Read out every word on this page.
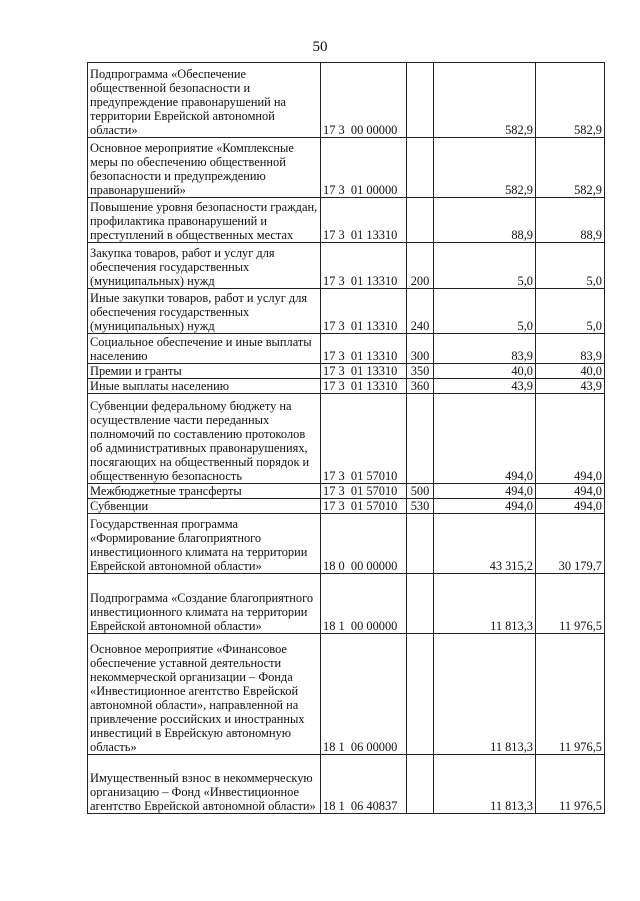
50
Подпрограмма «Обеспечение общественной безопасности и предупреждение правонарушений на территории Еврейской автономной области»	17 3  00 00000		582,9	582,9
Основное мероприятие «Комплексные меры по обеспечению общественной безопасности и предупреждению правонарушений»	17 3  01 00000		582,9	582,9
Повышение уровня безопасности граждан, профилактика правонарушений и преступлений в общественных местах	17 3  01 13310		88,9	88,9
Закупка товаров, работ и услуг для обеспечения государственных (муниципальных) нужд	17 3  01 13310	200	5,0	5,0
Иные закупки товаров, работ и услуг для обеспечения государственных (муниципальных) нужд	17 3  01 13310	240	5,0	5,0
Социальное обеспечение и иные выплаты населению	17 3  01 13310	300	83,9	83,9
Премии и гранты	17 3  01 13310	350	40,0	40,0
Иные выплаты населению	17 3  01 13310	360	43,9	43,9
Субвенции федеральному бюджету на осуществление части переданных полномочий по составлению протоколов об административных правонарушениях, посягающих на общественный порядок и общественную безопасность	17 3  01 57010		494,0	494,0
Межбюджетные трансферты	17 3  01 57010	500	494,0	494,0
Субвенции	17 3  01 57010	530	494,0	494,0
Государственная программа «Формирование благоприятного инвестиционного климата на территории Еврейской автономной области»	18 0  00 00000		43 315,2	30 179,7
Подпрограмма «Создание благоприятного инвестиционного климата на территории Еврейской автономной области»	18 1  00 00000		11 813,3	11 976,5
Основное мероприятие «Финансовое обеспечение уставной деятельности некоммерческой организации – Фонда «Инвестиционное агентство Еврейской автономной области», направленной на привлечение российских и иностранных инвестиций в Еврейскую автономную область»	18 1  06 00000		11 813,3	11 976,5
Имущественный взнос в некоммерческую организацию – Фонд «Инвестиционное агентство Еврейской автономной области»	18 1  06 40837		11 813,3	11 976,5
